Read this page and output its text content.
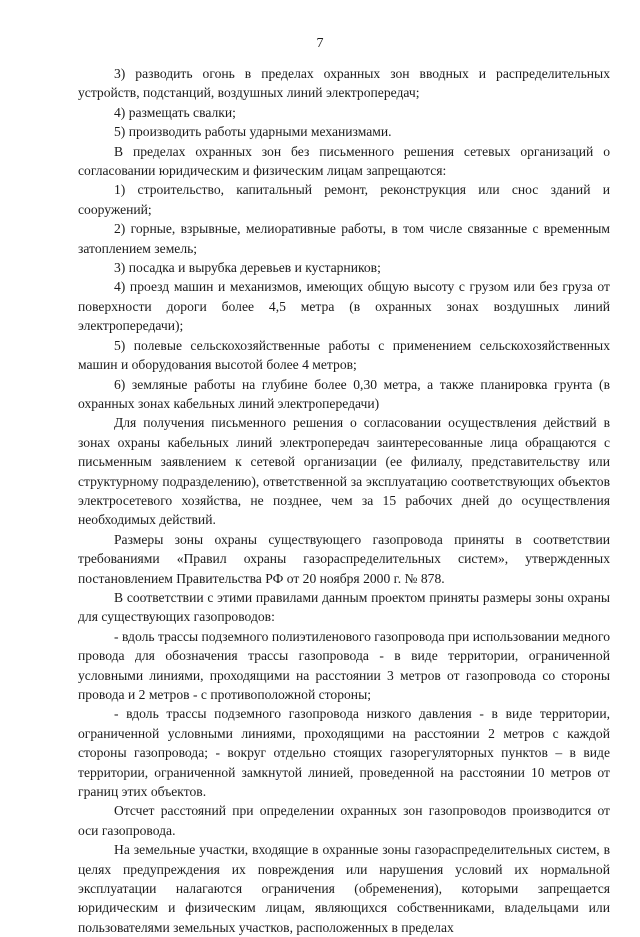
7

3) разводить огонь в пределах охранных зон вводных и распределительных устройств, подстанций, воздушных линий электропередач;

4) размещать свалки;

5) производить работы ударными механизмами.

В пределах охранных зон без письменного решения сетевых организаций о согласовании юридическим и физическим лицам запрещаются:

1) строительство, капитальный ремонт, реконструкция или снос зданий и сооружений;

2) горные, взрывные, мелиоративные работы, в том числе связанные с временным затоплением земель;

3) посадка и вырубка деревьев и кустарников;

4) проезд машин и механизмов, имеющих общую высоту с грузом или без груза от поверхности дороги более 4,5 метра (в охранных зонах воздушных линий электропередачи);

5) полевые сельскохозяйственные работы с применением сельскохозяйственных машин и оборудования высотой более 4 метров;

6) земляные работы на глубине более 0,30 метра, а также планировка грунта (в охранных зонах кабельных линий электропередачи)

Для получения письменного решения о согласовании осуществления действий в зонах охраны кабельных линий электропередач заинтересованные лица обращаются с письменным заявлением к сетевой организации (ее филиалу, представительству или структурному подразделению), ответственной за эксплуатацию соответствующих объектов электросетевого хозяйства, не позднее, чем за 15 рабочих дней до осуществления необходимых действий.

Размеры зоны охраны существующего газопровода приняты в соответствии требованиями «Правил охраны газораспределительных систем», утвержденных постановлением Правительства РФ от 20 ноября 2000 г. № 878.

В соответствии с этими правилами данным проектом приняты размеры зоны охраны для существующих газопроводов:

- вдоль трассы подземного полиэтиленового газопровода при использовании медного провода для обозначения трассы газопровода - в виде территории, ограниченной условными линиями, проходящими на расстоянии 3 метров от газопровода со стороны провода и 2 метров - с противоположной стороны;

- вдоль трассы подземного газопровода низкого давления - в виде территории, ограниченной условными линиями, проходящими на расстоянии 2 метров с каждой стороны газопровода; - вокруг отдельно стоящих газорегуляторных пунктов – в виде территории, ограниченной замкнутой линией, проведенной на расстоянии 10 метров от границ этих объектов.

Отсчет расстояний при определении охранных зон газопроводов производится от оси газопровода.

На земельные участки, входящие в охранные зоны газораспределительных систем, в целях предупреждения их повреждения или нарушения условий их нормальной эксплуатации налагаются ограничения (обременения), которыми запрещается юридическим и физическим лицам, являющихся собственниками, владельцами или пользователями земельных участков, расположенных в пределах
